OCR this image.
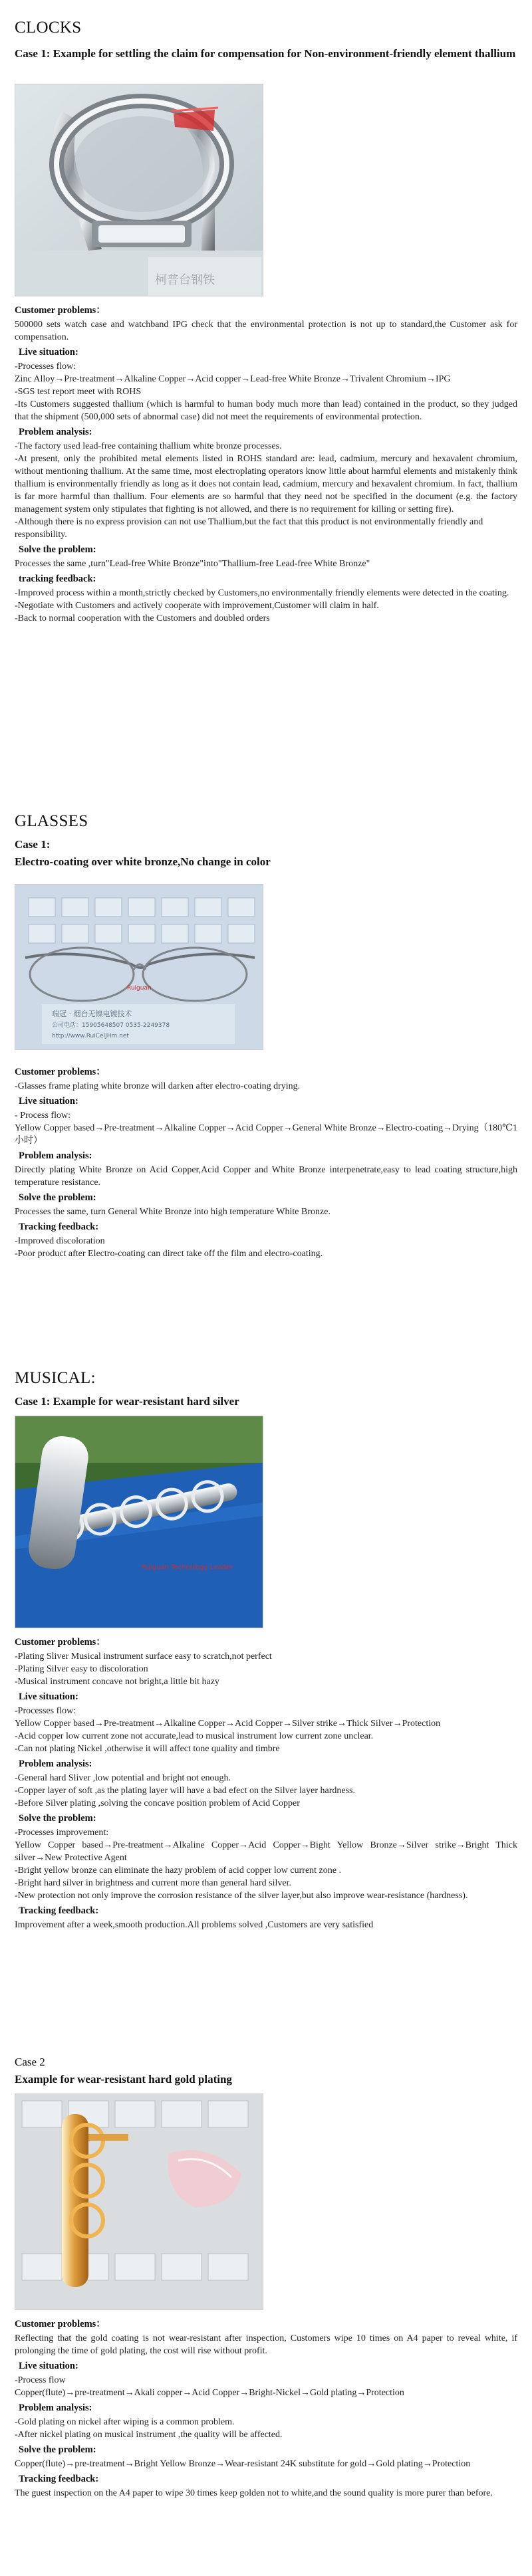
CLOCKS
Case 1: Example for settling the claim for compensation for Non-environment-friendly element thallium
柯普台钢铁

Customer problems：

500000 sets watch case and watchband IPG check that the environmental protection is not up to standard,the Customer ask for compensation.

Live situation:

-Processes flow:

Zinc Alloy→Pre-treatment→Alkaline Copper→Acid copper→Lead-free White Bronze→Trivalent Chromium→IPG

-SGS test report meet with ROHS

-Its Customers suggested thallium (which is harmful to human body much more than lead) contained in the product, so they judged that the shipment (500,000 sets of abnormal case) did not meet the requirements of environmental protection.

Problem analysis:

-The factory used lead-free containing thallium white bronze processes.

-At present, only the prohibited metal elements listed in ROHS standard are: lead, cadmium, mercury and hexavalent chromium, without mentioning thallium. At the same time, most electroplating operators know little about harmful elements and mistakenly think thallium is environmentally friendly as long as it does not contain lead, cadmium, mercury and hexavalent chromium. In fact, thallium is far more harmful than thallium. Four elements are so harmful that they need not be specified in the document (e.g. the factory management system only stipulates that fighting is not allowed, and there is no requirement for killing or setting fire).

-Although there is no express provision can not use Thallium,but the fact that this product is not environmentally friendly and

responsibility.

Solve the problem:

Processes the same ,turn"Lead-free White Bronze"into"Thallium-free Lead-free White Bronze"

tracking feedback:

-Improved process within a month,strictly checked by Customers,no environmentally friendly elements were detected in the coating.

-Negotiate with Customers and actively cooperate with improvement,Customer will claim in half.

-Back to normal cooperation with the Customers and doubled orders

GLASSES
Case 1:
Electro-coating over white bronze,No change in color
Ruiguan
瑞冠 · 烟台无镍电镀技术
公司电话：15905648507 0535-2249378
http://www.RuiCelJHm.net

Customer problems：

-Glasses frame plating white bronze will darken after electro-coating drying.

Live situation:

- Process flow:

Yellow Copper based→Pre-treatment→Alkaline Copper→Acid Copper→General White Bronze→Electro-coating→Drying（180℃1 小时）

Problem analysis:

Directly plating White Bronze on Acid Copper,Acid Copper and White Bronze interpenetrate,easy to lead coating structure,high temperature resistance.

Solve the problem:

Processes the same, turn General White Bronze into high temperature White Bronze.

Tracking feedback:

-Improved discoloration

-Poor product after Electro-coating can direct take off the film and electro-coating.

MUSICAL:
Case 1: Example for wear-resistant hard silver
Ruiguan Technology Leader

Customer problems：

-Plating Sliver Musical instrument surface easy to scratch,not perfect

-Plating Silver easy to discoloration

-Musical instrument concave not bright,a little bit hazy

Live situation:

-Processes flow:

Yellow Copper based→Pre-treatment→Alkaline Copper→Acid Copper→Silver strike→Thick Silver→Protection

-Acid copper low current zone not accurate,lead to musical instrument low current zone unclear.

-Can not plating Nickel ,otherwise it will affect tone quality and timbre

Problem analysis:

-General hard Sliver ,low potential and bright not enough.

-Copper layer of soft ,as the plating layer will have a bad efect on the Silver layer hardness.

-Before Silver plating ,solving the concave position problem of Acid Copper

Solve the problem:

-Processes improvement:

Yellow Copper based→Pre-treatment→Alkaline Copper→Acid Copper→Bight Yellow Bronze→Silver strike→Bright Thick silver→New Protective Agent

-Bright yellow bronze can eliminate the hazy problem of acid copper low current zone .

-Bright hard silver in brightness and current more than general hard silver.

-New protection not only improve the corrosion resistance of the silver layer,but also improve wear-resistance (hardness).

Tracking feedback:

Improvement after a week,smooth production.All problems solved ,Customers are very satisfied

Case 2
Example for wear-resistant hard gold plating

Customer problems：

Reflecting that the gold coating is not wear-resistant after inspection, Customers wipe 10 times on A4 paper to reveal white, if prolonging the time of gold plating, the cost will rise without profit.

Live situation:

-Process flow

Copper(flute)→pre-treatment→Akali copper→Acid Copper→Bright-Nickel→Gold plating→Protection

Problem analysis:

-Gold plating on nickel after wiping is a common problem.

-After nickel plating on musical instrument ,the quality will be affected.

Solve the problem:

Copper(flute)→pre-treatment→Bright Yellow Bronze→Wear-resistant 24K substitute for gold→Gold plating→Protection

Tracking feedback:

The guest inspection on the A4 paper to wipe 30 times keep golden not to white,and the sound quality is more purer than before.
